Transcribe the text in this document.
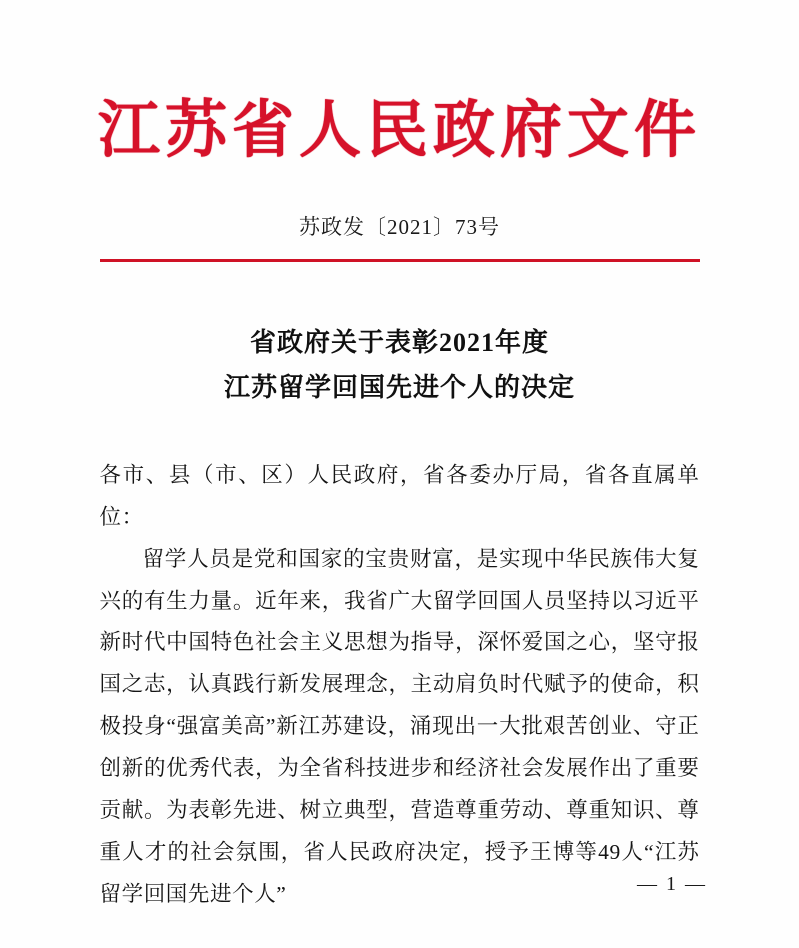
江苏省人民政府文件
苏政发〔2021〕73号
省政府关于表彰2021年度
江苏留学回国先进个人的决定

各市、县（市、区）人民政府，省各委办厅局，省各直属单位：

留学人员是党和国家的宝贵财富，是实现中华民族伟大复兴的有生力量。近年来，我省广大留学回国人员坚持以习近平新时代中国特色社会主义思想为指导，深怀爱国之心，坚守报国之志，认真践行新发展理念，主动肩负时代赋予的使命，积极投身“强富美高”新江苏建设，涌现出一大批艰苦创业、守正创新的优秀代表，为全省科技进步和经济社会发展作出了重要贡献。为表彰先进、树立典型，营造尊重劳动、尊重知识、尊重人才的社会氛围，省人民政府决定，授予王博等49人“江苏留学回国先进个人”	— 1 —
